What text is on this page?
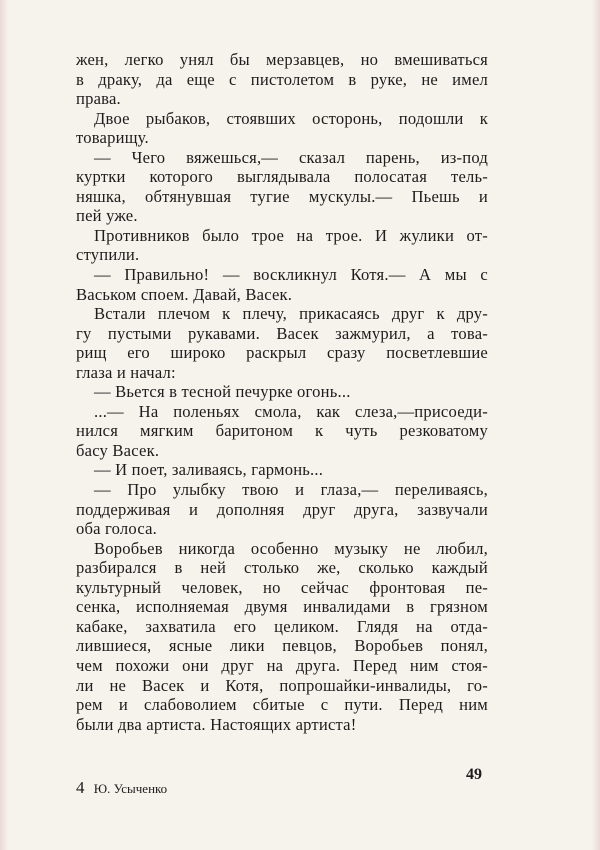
жен, легко унял бы мерзавцев, но вмешиваться
в драку, да еще с пистолетом в руке, не имел
права.
Двое рыбаков, стоявших осторонь, подошли к
товарищу.
— Чего вяжешься,— сказал парень, из-под
куртки которого выглядывала полосатая тель-
няшка, обтянувшая тугие мускулы.— Пьешь и
пей уже.
Противников было трое на трое. И жулики от-
ступили.
— Правильно! — воскликнул Котя.— А мы с
Васьком споем. Давай, Васек.
Встали плечом к плечу, прикасаясь друг к дру-
гу пустыми рукавами. Васек зажмурил, а това-
рищ его широко раскрыл сразу посветлевшие
глаза и начал:
— Вьется в тесной печурке огонь...
...— На поленьях смола, как слеза,—присоеди-
нился мягким баритоном к чуть резковатому
басу Васек.
— И поет, заливаясь, гармонь...
— Про улыбку твою и глаза,— переливаясь,
поддерживая и дополняя друг друга, зазвучали
оба голоса.
Воробьев никогда особенно музыку не любил,
разбирался в ней столько же, сколько каждый
культурный человек, но сейчас фронтовая пе-
сенка, исполняемая двумя инвалидами в грязном
кабаке, захватила его целиком. Глядя на отда-
лившиеся, ясные лики певцов, Воробьев понял,
чем похожи они друг на друга. Перед ним стоя-
ли не Васек и Котя, попрошайки-инвалиды, го-
рем и слабоволием сбитые с пути. Перед ним
были два артиста. Настоящих артиста!
4 Ю. Усыченко
49
